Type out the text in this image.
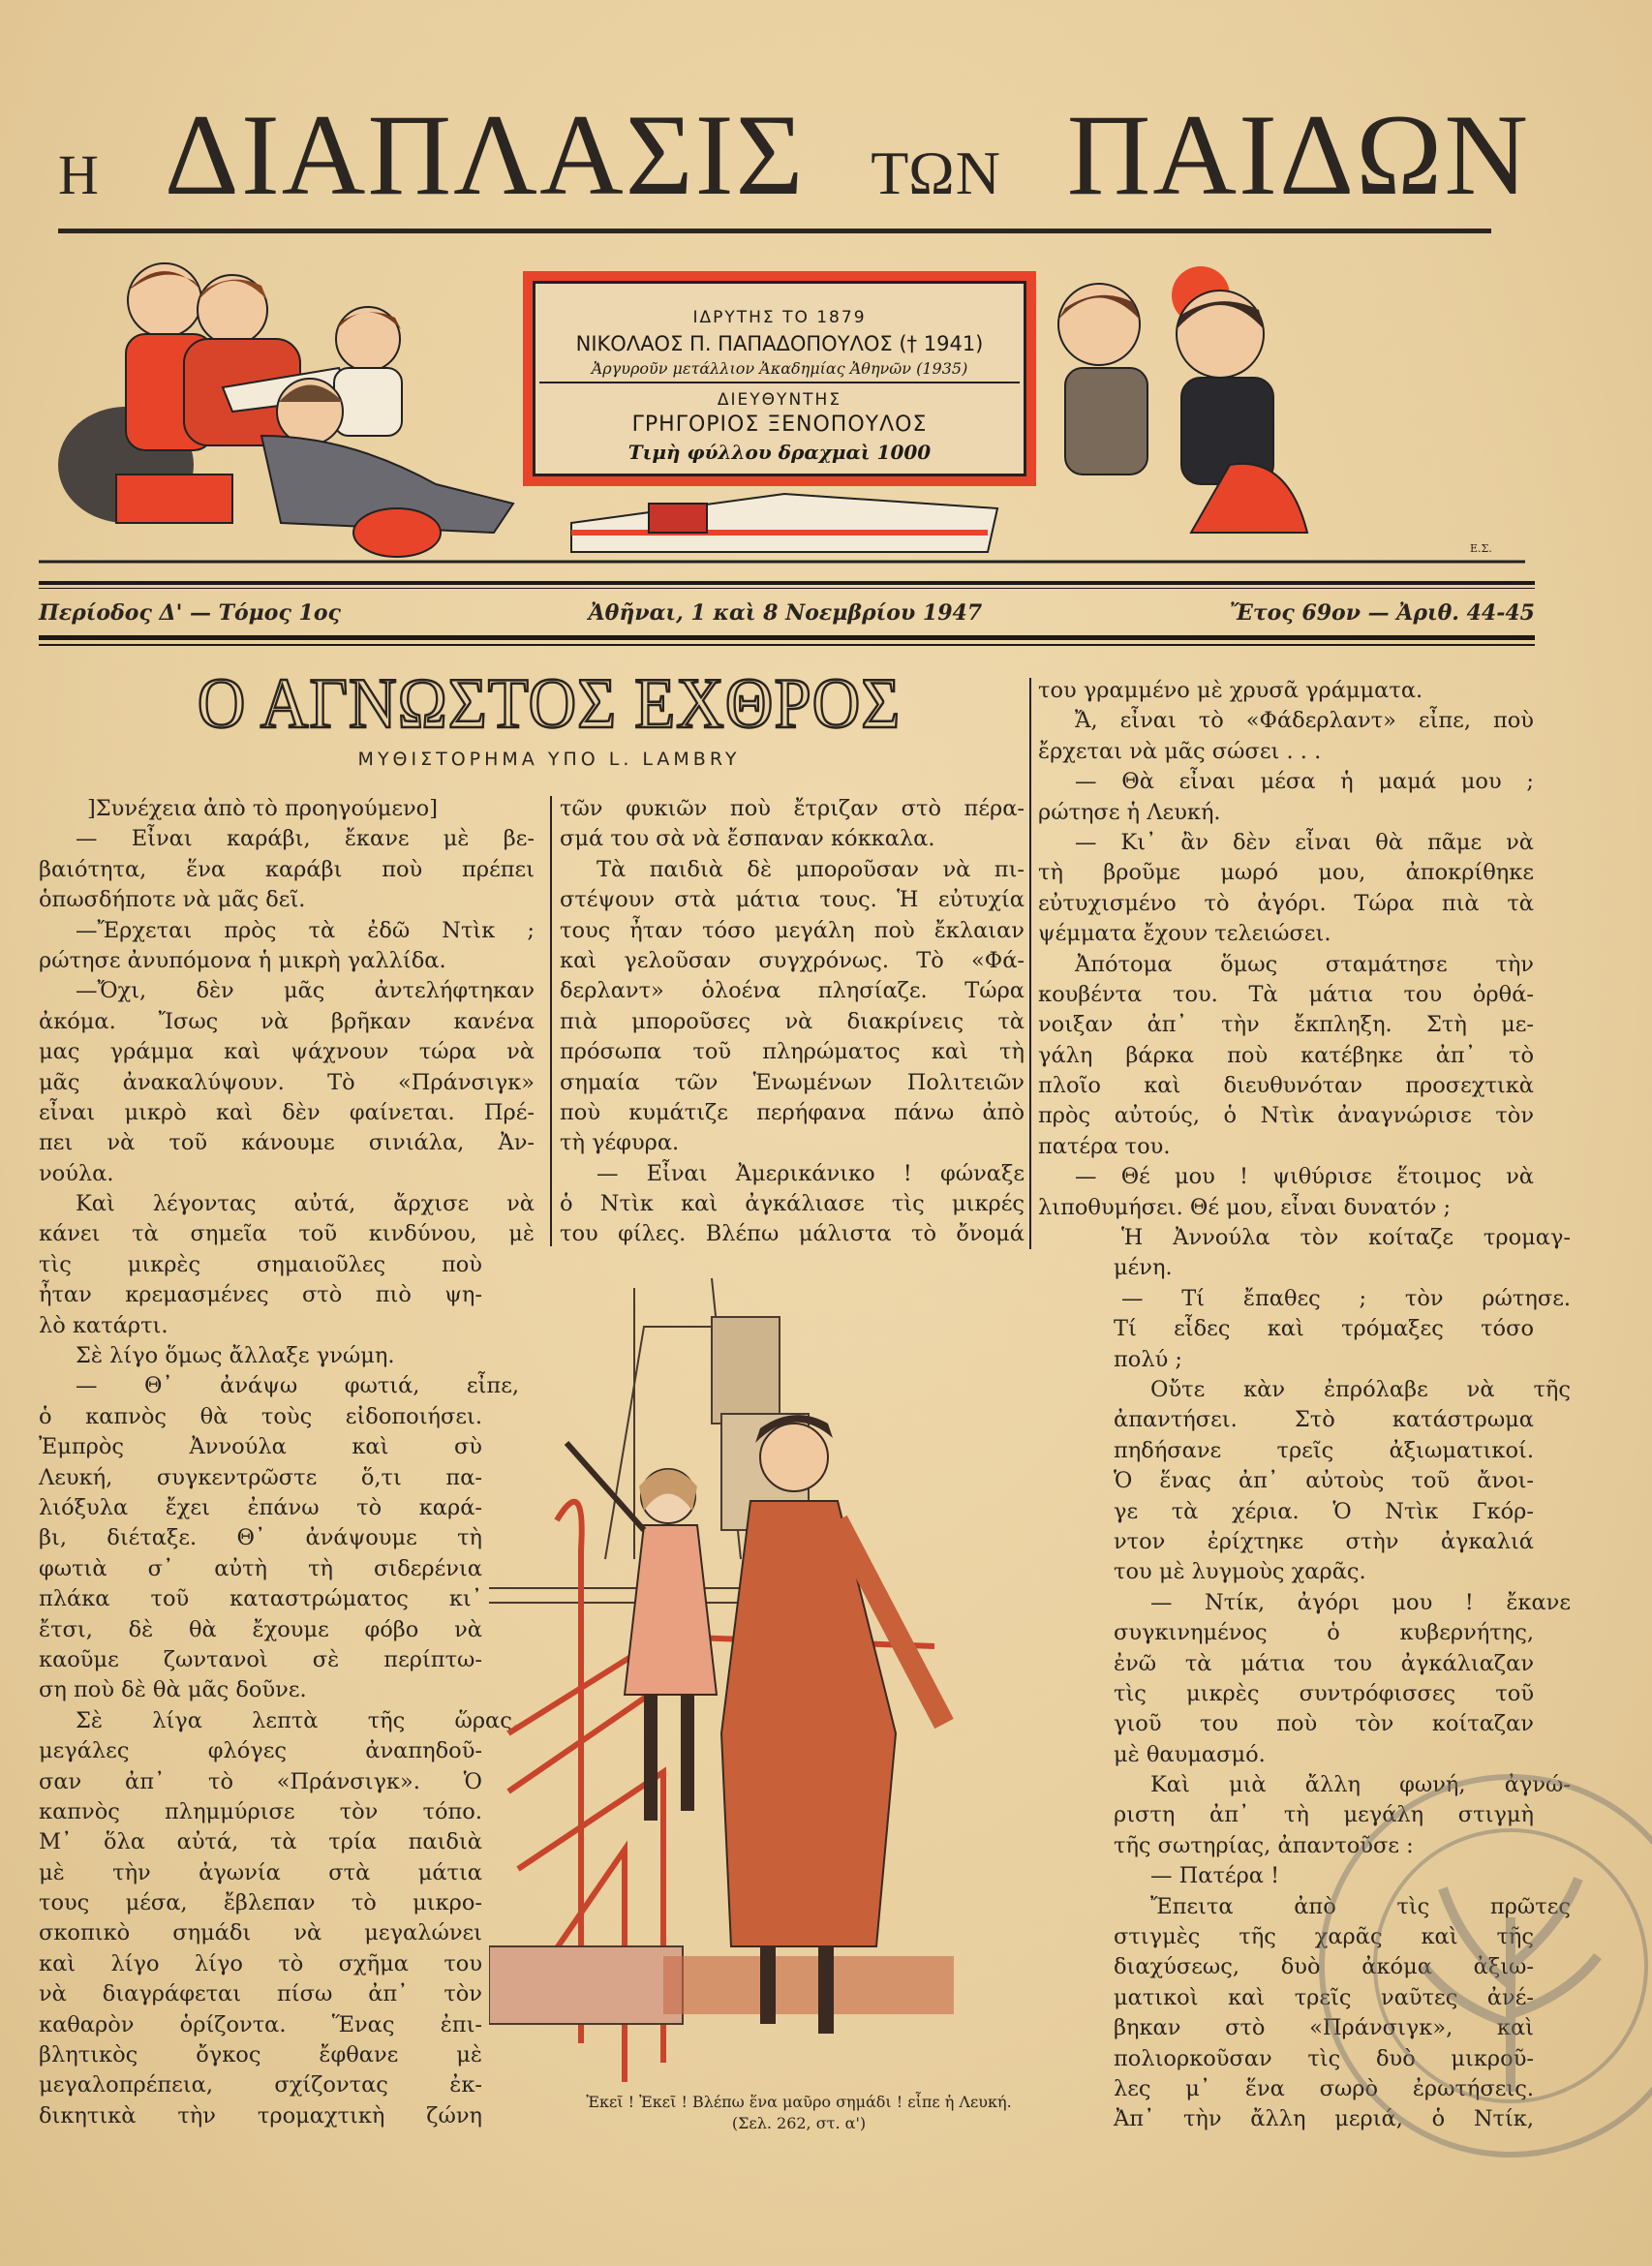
Η ΔΙΑΠΛΑΣΙΣ ΤΩΝ ΠΑΙΔΩΝ
Ε.Σ.
ΙΔΡΥΤΗΣ ΤΟ 1879
ΝΙΚΟΛΑΟΣ Π. ΠΑΠΑΔΟΠΟΥΛΟΣ († 1941)
Ἀργυροῦν μετάλλιον Ἀκαδημίας Ἀθηνῶν (1935)
ΔΙΕΥΘΥΝΤΗΣ
ΓΡΗΓΟΡΙΟΣ ΞΕΝΟΠΟΥΛΟΣ
Τιμὴ φύλλου δραχμαὶ 1000
Περίοδος Δ' — Τόμος 1ος	Ἀθῆναι, 1 καὶ 8 Νοεμβρίου 1947	Ἔτος 69ον — Ἀριθ. 44-45
Ο ΑΓΝΩΣΤΟΣ ΕΧΘΡΟΣ
ΜΥΘΙΣΤΟΡΗΜΑ ΥΠΟ L. LAMBRY
]Συνέχεια ἀπὸ τὸ προηγούμενο]
— Εἶναι καράβι, ἔκανε μὲ βε-
βαιότητα, ἕνα καράβι ποὺ πρέπει
ὁπωσδήποτε νὰ μᾶς δεῖ.
—Ἔρχεται πρὸς τὰ ἐδῶ Ντὶκ ;
ρώτησε ἀνυπόμονα ἡ μικρὴ γαλλίδα.
—Ὄχι, δὲν μᾶς ἀντελήφτηκαν
ἀκόμα. Ἴσως νὰ βρῆκαν κανένα
μας γράμμα καὶ ψάχνουν τώρα νὰ
μᾶς ἀνακαλύψουν. Τὸ «Πράνσιγκ»
εἶναι μικρὸ καὶ δὲν φαίνεται. Πρέ-
πει νὰ τοῦ κάνουμε σινιάλα, Ἀν-
νούλα.
Καὶ λέγοντας αὐτά, ἄρχισε νὰ
κάνει τὰ σημεῖα τοῦ κινδύνου, μὲ
τὶς μικρὲς σημαιοῦλες ποὺ
ἦταν κρεμασμένες στὸ πιὸ ψη-
λὸ κατάρτι.
Σὲ λίγο ὅμως ἄλλαξε γνώμη.
— Θ᾽ ἀνάψω φωτιά, εἶπε,
ὁ καπνὸς θὰ τοὺς εἰδοποιήσει.
Ἐμπρὸς Ἀννούλα καὶ σὺ
Λευκή, συγκεντρῶστε ὅ,τι πα-
λιόξυλα ἔχει ἐπάνω τὸ καρά-
βι, διέταξε. Θ᾽ ἀνάψουμε τὴ
φωτιὰ σ᾽ αὐτὴ τὴ σιδερένια
πλάκα τοῦ καταστρώματος κι᾽
ἔτσι, δὲ θὰ ἔχουμε φόβο νὰ
καοῦμε ζωντανοὶ σὲ περίπτω-
ση ποὺ δὲ θὰ μᾶς δοῦνε.
Σὲ λίγα λεπτὰ τῆς ὥρας,
μεγάλες φλόγες ἀναπηδοῦ-
σαν ἀπ᾽ τὸ «Πράνσιγκ». Ὁ
καπνὸς πλημμύρισε τὸν τόπο.
Μ᾽ ὅλα αὐτά, τὰ τρία παιδιὰ
μὲ τὴν ἀγωνία στὰ μάτια
τους μέσα, ἔβλεπαν τὸ μικρο-
σκοπικὸ σημάδι νὰ μεγαλώνει
καὶ λίγο λίγο τὸ σχῆμα του
νὰ διαγράφεται πίσω ἀπ᾽ τὸν
καθαρὸν ὁρίζοντα. Ἕνας ἐπι-
βλητικὸς ὄγκος ἔφθανε μὲ
μεγαλοπρέπεια, σχίζοντας ἐκ-
δικητικὰ τὴν τρομαχτικὴ ζώνη
τῶν φυκιῶν ποὺ ἔτριζαν στὸ πέρα-
σμά του σὰ νὰ ἔσπαναν κόκκαλα.
Τὰ παιδιὰ δὲ μποροῦσαν νὰ πι-
στέψουν στὰ μάτια τους. Ἡ εὐτυχία
τους ἦταν τόσο μεγάλη ποὺ ἔκλαιαν
καὶ γελοῦσαν συγχρόνως. Τὸ «Φά-
δερλαντ» ὁλοένα πλησίαζε. Τώρα
πιὰ μποροῦσες νὰ διακρίνεις τὰ
πρόσωπα τοῦ πληρώματος καὶ τὴ
σημαία τῶν Ἑνωμένων Πολιτειῶν
ποὺ κυμάτιζε περήφανα πάνω ἀπὸ
τὴ γέφυρα.
— Εἶναι Ἀμερικάνικο ! φώναξε
ὁ Ντὶκ καὶ ἀγκάλιασε τὶς μικρές
του φίλες. Βλέπω μάλιστα τὸ ὄνομά
του γραμμένο μὲ χρυσᾶ γράμματα.
Ἄ, εἶναι τὸ «Φάδερλαντ» εἶπε, ποὺ
ἔρχεται νὰ μᾶς σώσει . . .
— Θὰ εἶναι μέσα ἡ μαμά μου ;
ρώτησε ἡ Λευκή.
— Κι᾽ ἂν δὲν εἶναι θὰ πᾶμε νὰ
τὴ βροῦμε μωρό μου, ἀποκρίθηκε
εὐτυχισμένο τὸ ἀγόρι. Τώρα πιὰ τὰ
ψέμματα ἔχουν τελειώσει.
Ἀπότομα ὅμως σταμάτησε τὴν
κουβέντα του. Τὰ μάτια του ὀρθά-
νοιξαν ἀπ᾽ τὴν ἔκπληξη. Στὴ με-
γάλη βάρκα ποὺ κατέβηκε ἀπ᾽ τὸ
πλοῖο καὶ διευθυνόταν προσεχτικὰ
πρὸς αὐτούς, ὁ Ντὶκ ἀναγνώρισε τὸν
πατέρα του.
— Θέ μου ! ψιθύρισε ἕτοιμος νὰ
λιποθυμήσει. Θέ μου, εἶναι δυνατόν ;
Ἡ Ἀννούλα τὸν κοίταζε τρομαγ-
μένη.
— Τί ἔπαθες ; τὸν ρώτησε.
Τί εἶδες καὶ τρόμαξες τόσο
πολύ ;
Οὔτε κὰν ἐπρόλαβε νὰ τῆς
ἀπαντήσει. Στὸ κατάστρωμα
πηδήσανε τρεῖς ἀξιωματικοί.
Ὁ ἕνας ἀπ᾽ αὐτοὺς τοῦ ἄνοι-
γε τὰ χέρια. Ὁ Ντὶκ Γκόρ-
ντον ἐρίχτηκε στὴν ἀγκαλιά
του μὲ λυγμοὺς χαρᾶς.
— Ντίκ, ἀγόρι μου ! ἔκανε
συγκινημένος ὁ κυβερνήτης,
ἐνῶ τὰ μάτια του ἀγκάλιαζαν
τὶς μικρὲς συντρόφισσες τοῦ
γιοῦ του ποὺ τὸν κοίταζαν
μὲ θαυμασμό.
Καὶ μιὰ ἄλλη φωνή, ἀγνώ-
ριστη ἀπ᾽ τὴ μεγάλη στιγμὴ
τῆς σωτηρίας, ἀπαντοῦσε :
— Πατέρα !
Ἔπειτα ἀπὸ τὶς πρῶτες
στιγμὲς τῆς χαρᾶς καὶ τῆς
διαχύσεως, δυὸ ἀκόμα ἀξιω-
ματικοὶ καὶ τρεῖς ναῦτες ἀνέ-
βηκαν στὸ «Πράνσιγκ», καὶ
πολιορκοῦσαν τὶς δυὸ μικροῦ-
λες μ᾽ ἕνα σωρὸ ἐρωτήσεις.
Ἀπ᾽ τὴν ἄλλη μεριά, ὁ Ντίκ,
Ἐκεῖ ! Ἐκεῖ ! Βλέπω ἕνα μαῦρο σημάδι ! εἶπε ἡ Λευκή.
(Σελ. 262, στ. α')
